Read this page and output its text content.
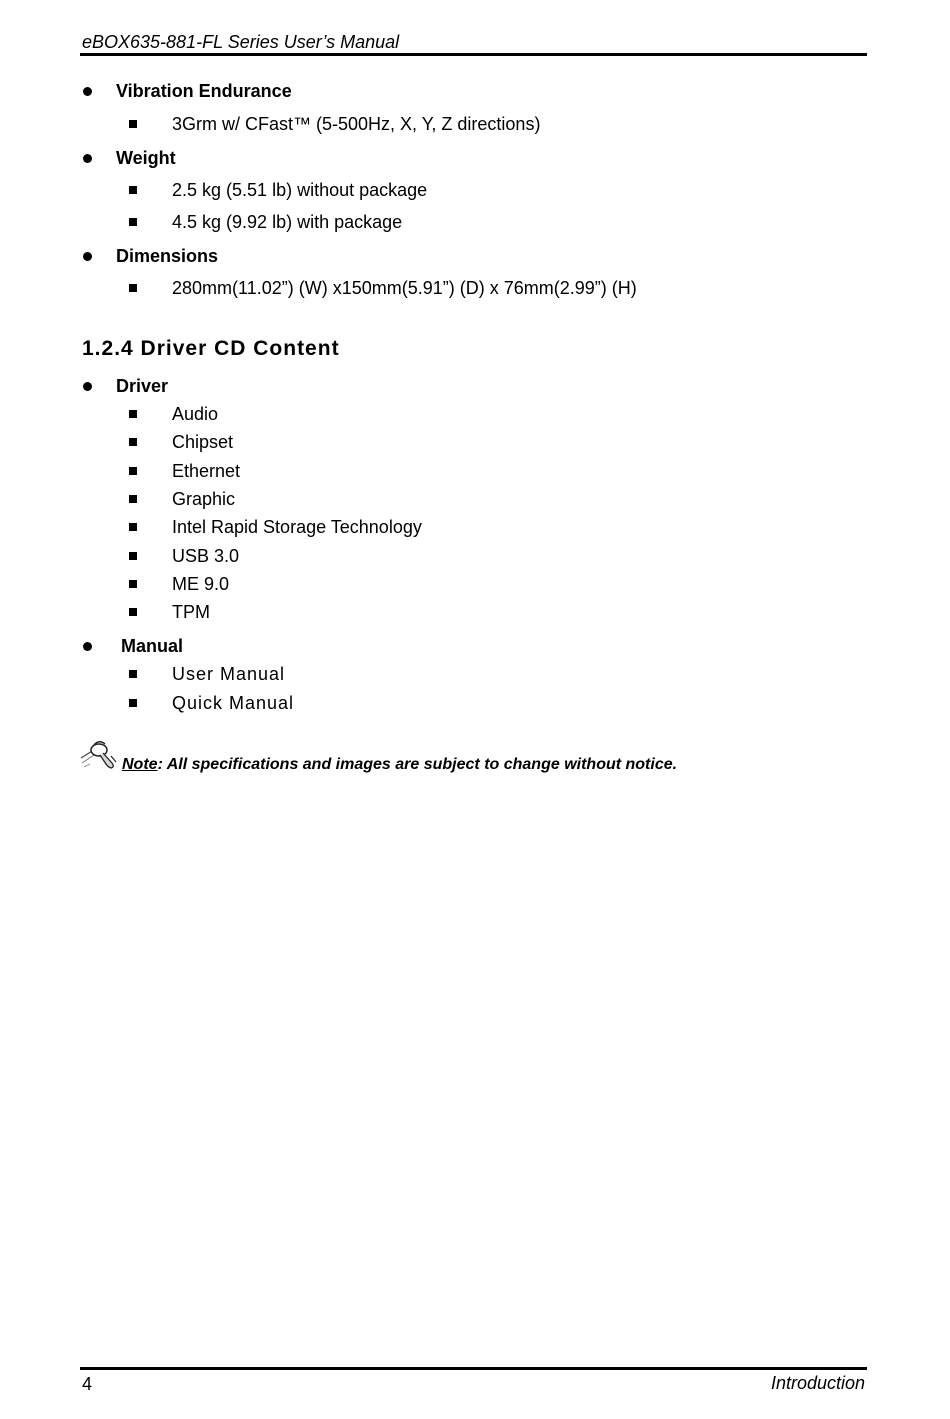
eBOX635-881-FL Series User’s Manual
Vibration Endurance
3Grm w/ CFast™ (5-500Hz, X, Y, Z directions)
Weight
2.5 kg (5.51 lb) without package
4.5 kg (9.92 lb) with package
Dimensions
280mm(11.02”) (W) x150mm(5.91”) (D) x 76mm(2.99”) (H)
1.2.4 Driver CD Content
Driver
Audio
Chipset
Ethernet
Graphic
Intel Rapid Storage Technology
USB 3.0
ME 9.0
TPM
Manual
User Manual
Quick Manual
Note: All specifications and images are subject to change without notice.
4	Introduction
